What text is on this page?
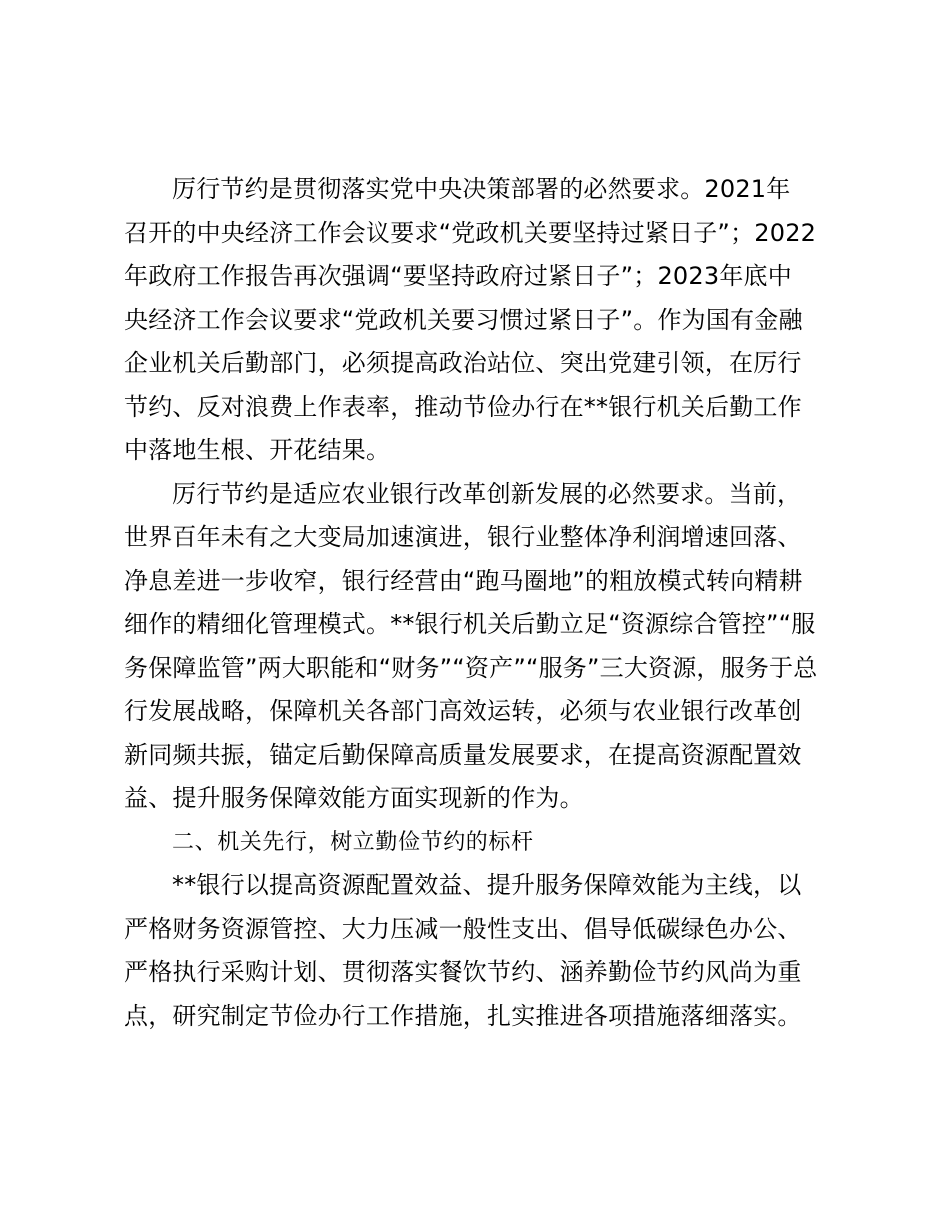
厉行节约是贯彻落实党中央决策部署的必然要求。2021年
召开的中央经济工作会议要求“党政机关要坚持过紧日子”；2022
年政府工作报告再次强调“要坚持政府过紧日子”；2023年底中
央经济工作会议要求“党政机关要习惯过紧日子”。作为国有金融
企业机关后勤部门，必须提高政治站位、突出党建引领，在厉行
节约、反对浪费上作表率，推动节俭办行在**银行机关后勤工作
中落地生根、开花结果。
厉行节约是适应农业银行改革创新发展的必然要求。当前，
世界百年未有之大变局加速演进，银行业整体净利润增速回落、
净息差进一步收窄，银行经营由“跑马圈地”的粗放模式转向精耕
细作的精细化管理模式。**银行机关后勤立足“资源综合管控”“服
务保障监管”两大职能和“财务”“资产”“服务”三大资源，服务于总
行发展战略，保障机关各部门高效运转，必须与农业银行改革创
新同频共振，锚定后勤保障高质量发展要求，在提高资源配置效
益、提升服务保障效能方面实现新的作为。
二、机关先行，树立勤俭节约的标杆
**银行以提高资源配置效益、提升服务保障效能为主线，以
严格财务资源管控、大力压减一般性支出、倡导低碳绿色办公、
严格执行采购计划、贯彻落实餐饮节约、涵养勤俭节约风尚为重
点，研究制定节俭办行工作措施，扎实推进各项措施落细落实。
